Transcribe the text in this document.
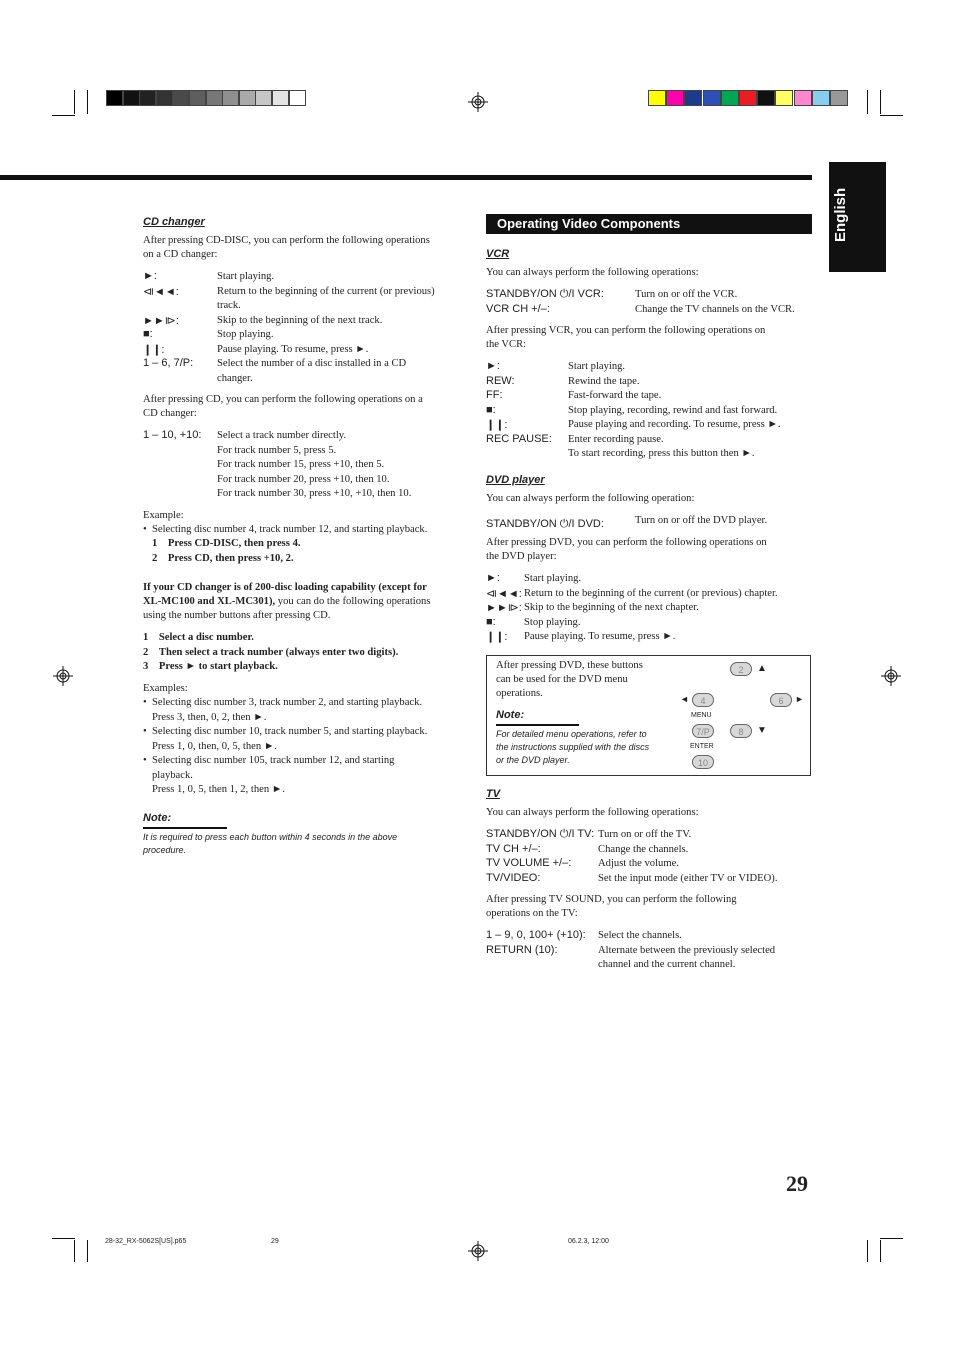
English
CD changer
After pressing CD-DISC, you can perform the following operations
on a CD changer:
►:	Start playing.
⧏◄◄:	Return to the beginning of the current (or previous)
track.
►►⧐:	Skip to the beginning of the next track.
■:	Stop playing.
❙❙:	Pause playing. To resume, press ►.
1 – 6, 7/P: Select the number of a disc installed in a CD
changer.
After pressing CD, you can perform the following operations on a
CD changer:
1 – 10, +10: Select a track number directly.
For track number 5, press 5.
For track number 15, press +10, then 5.
For track number 20, press +10, then 10.
For track number 30, press +10, +10, then 10.
Example:
•  Selecting disc number 4, track number 12, and starting playback.
1 Press CD-DISC, then press 4.
2 Press CD, then press +10, 2.
If your CD changer is of 200-disc loading capability (except for
XL-MC100 and XL-MC301), you can do the following operations
using the number buttons after pressing CD.
1 Select a disc number.
2 Then select a track number (always enter two digits).
3 Press ► to start playback.
Examples:
• Selecting disc number 3, track number 2, and starting playback.
Press 3, then, 0, 2, then ►.
• Selecting disc number 10, track number 5, and starting playback.
Press 1, 0, then, 0, 5, then ►.
• Selecting disc number 105, track number 12, and starting
playback.
Press 1, 0, 5, then 1, 2, then ►.
Note:
It is required to press each button within 4 seconds in the above
procedure.
Operating Video Components
VCR
You can always perform the following operations:
STANDBY/ON ⏻/I VCR:	Turn on or off the VCR.
VCR CH +/–:	Change the TV channels on the VCR.
After pressing VCR, you can perform the following operations on
the VCR:
►:	Start playing.
REW:	Rewind the tape.
FF:	Fast-forward the tape.
■:	Stop playing, recording, rewind and fast forward.
❙❙:	Pause playing and recording. To resume, press ►.
REC PAUSE: Enter recording pause.
To start recording, press this button then ►.
DVD player
You can always perform the following operation:
STANDBY/ON ⏻/I DVD:	Turn on or off the DVD player.
After pressing DVD, you can perform the following operations on
the DVD player:
►: Start playing.
⧏◄◄: Return to the beginning of the current (or previous) chapter.
►►⧐: Skip to the beginning of the next chapter.
■:	Stop playing.
❙❙: Pause playing. To resume, press ►.
After pressing DVD, these buttons
can be used for the DVD menu
operations.
Note:
For detailed menu operations, refer to
the instructions supplied with the discs
or the DVD player.
2	▲
◄	4
MENU
6	►
7/P
ENTER
8	▼
10
TV
You can always perform the following operations:
STANDBY/ON ⏻/I TV: Turn on or off the TV.
TV CH +/–:	Change the channels.
TV VOLUME +/–:	Adjust the volume.
TV/VIDEO:	Set the input mode (either TV or VIDEO).
After pressing TV SOUND, you can perform the following
operations on the TV:
1 – 9, 0, 100+ (+10): Select the channels.
RETURN (10):	Alternate between the previously selected
channel and the current channel.
29
28-32_RX-5062S[US].p65	29	06.2.3, 12:00
